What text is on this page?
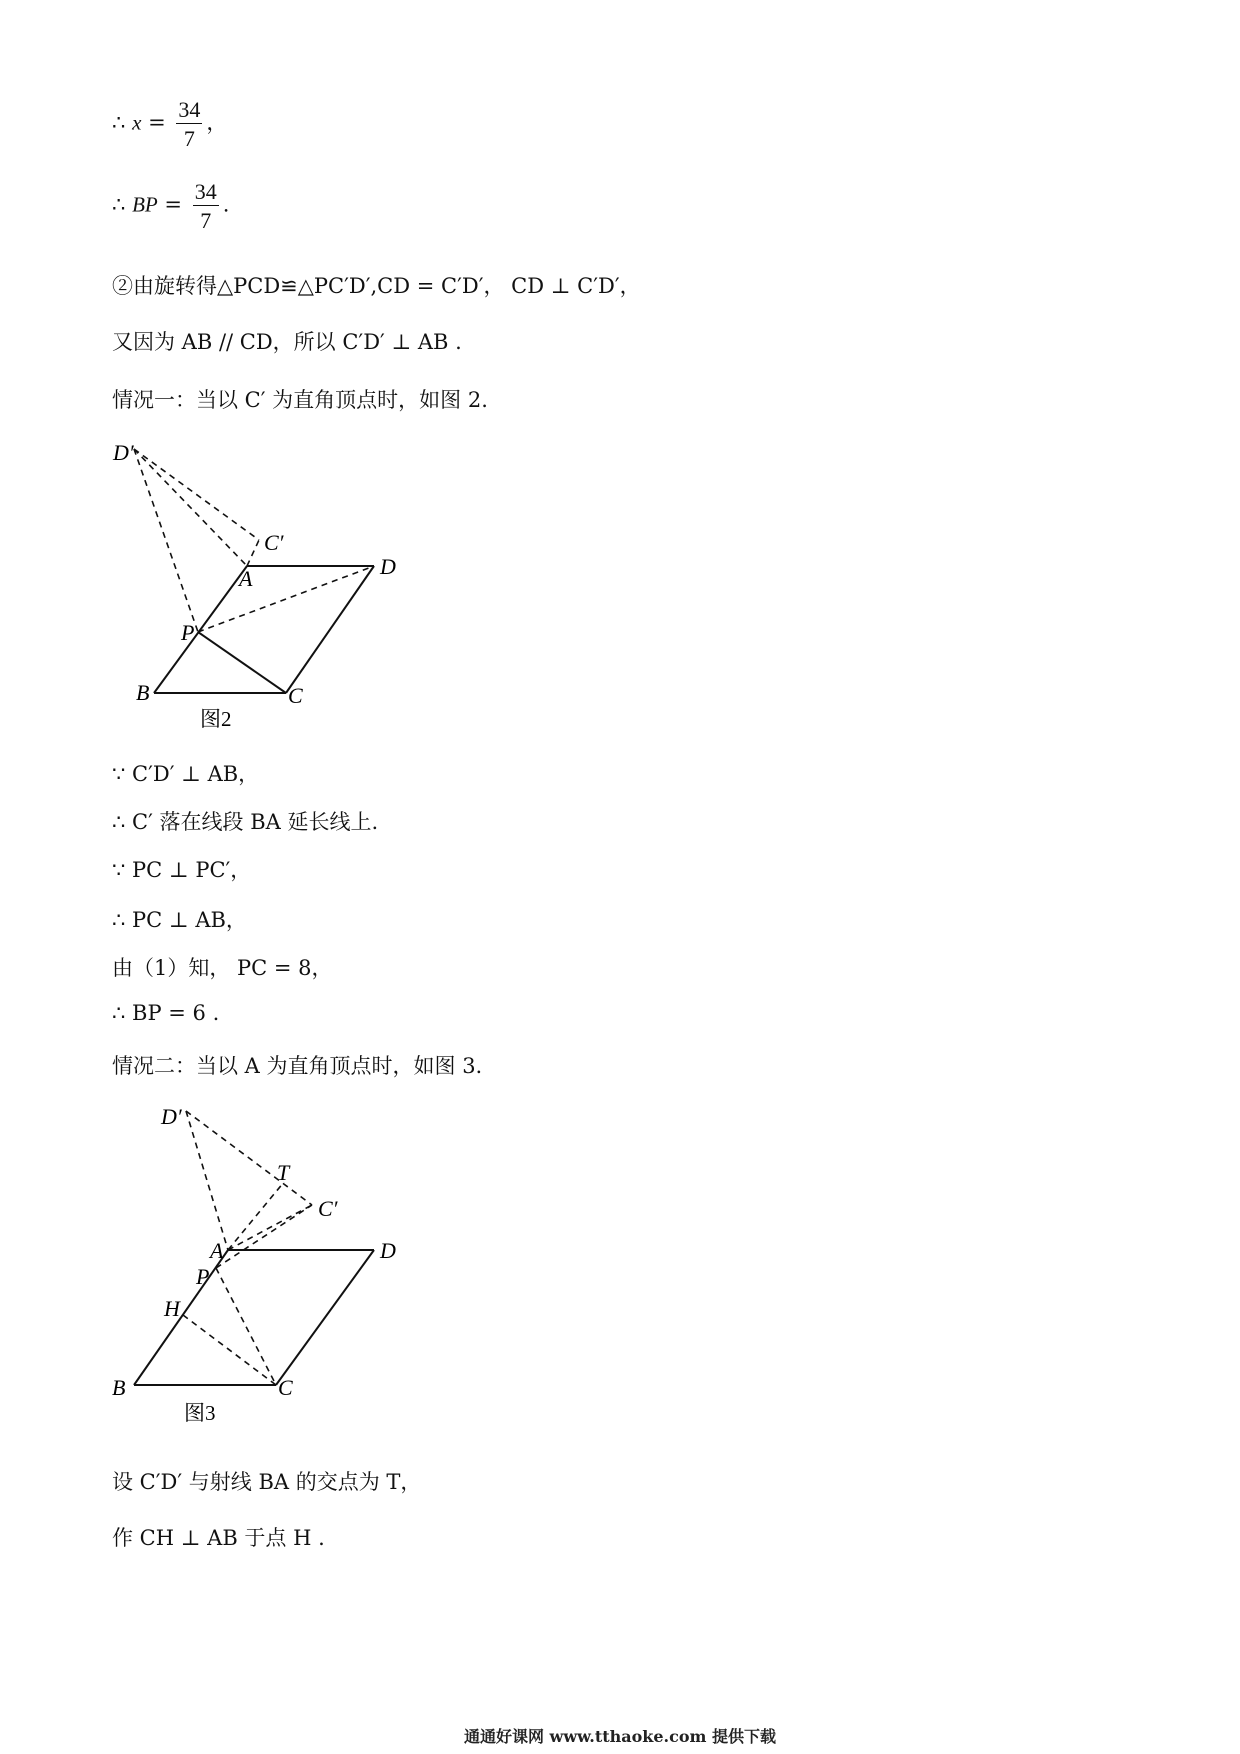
∴ $x = \frac{34}{7}$ ，
∴ BP = $\frac{34}{7}$ .
②由旋转得△PCD≌△PC′D′,CD = C′D′， CD ⊥ C′D′，
又因为 AB // CD，所以 C′D′ ⊥ AB .
情况一：当以 C′ 为直角顶点时，如图 2.
D′
C′
A	D
P
B	C
图2
∵ C′D′ ⊥ AB，
∴ C′ 落在线段 BA 延长线上.
∵ PC ⊥ PC′，
∴ PC ⊥ AB，
由（1）知， PC = 8，
∴ BP = 6 .
情况二：当以 A 为直角顶点时，如图 3.
D′
T
C′
A	D
P
H
B	C
图3
设 C′D′ 与射线 BA 的交点为 T，
作 CH ⊥ AB 于点 H .
通通好课网 www.tthaoke.com 提供下载
